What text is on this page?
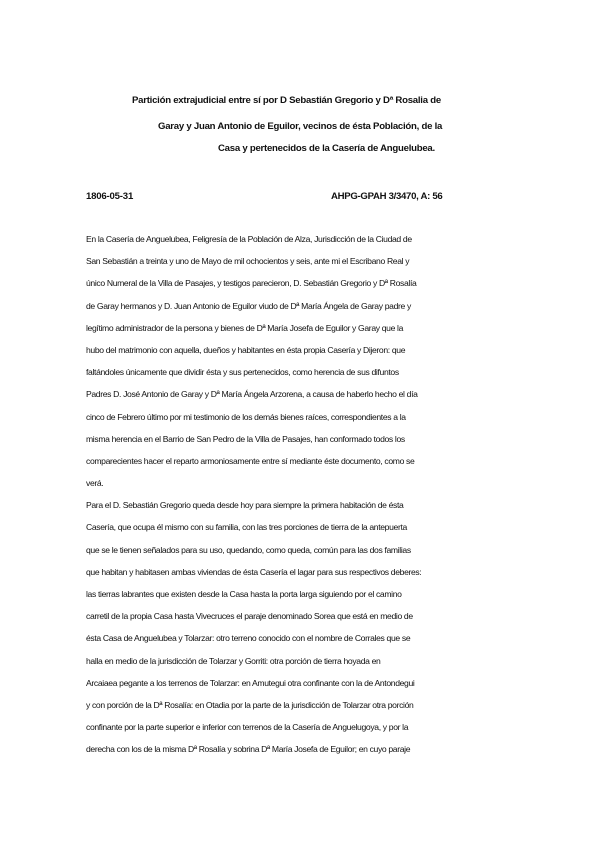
Partición extrajudicial entre sí por D Sebastián Gregorio y Dª Rosalia de
Garay y Juan Antonio de Eguilor, vecinos de ésta Población, de la
Casa y pertenecidos de la Casería de Anguelubea.
1806-05-31	AHPG-GPAH 3/3470, A: 56
En la Casería de Anguelubea, Feligresía de la Población de Alza, Jurisdicción de la Ciudad de
San Sebastián a treinta y uno de Mayo de mil ochocientos y seis, ante mi el Escribano Real y
único Numeral de la Villa de Pasajes, y testigos parecieron, D. Sebastián Gregorio y Dª Rosalía
de Garay hermanos y D. Juan Antonio de Eguilor viudo de Dª María Ángela de Garay padre y
legítimo administrador de la persona y bienes de Dª María Josefa de Eguilor y Garay que la
hubo del matrimonio con aquella, dueños y habitantes en ésta propia Casería y Dijeron: que
faltándoles únicamente que dividir ésta y sus pertenecidos, como herencia de sus difuntos
Padres D. José Antonio de Garay y Dª María Ángela Arzorena, a causa de haberlo hecho el día
cinco de Febrero último por mi testimonio de los demás bienes raíces, correspondientes a la
misma herencia en el Barrio de San Pedro de la Villa de Pasajes, han conformado todos los
comparecientes hacer el reparto armoniosamente entre sí mediante éste documento, como se
verá.
Para el D. Sebastián Gregorio queda desde hoy para siempre la primera habitación de ésta
Casería, que ocupa él mismo con su familia, con las tres porciones de tierra de la antepuerta
que se le tienen señalados para su uso, quedando, como queda, común para las dos familias
que habitan y habitasen ambas viviendas de ésta Casería el lagar para sus respectivos deberes:
las tierras labrantes que existen desde la Casa hasta la porta larga siguiendo por el camino
carretil de la propia Casa hasta Vivecruces el paraje denominado Sorea que está en medio de
ésta Casa de Anguelubea y Tolarzar: otro terreno conocido con el nombre de Corrales que se
halla en medio de la jurisdicción de Tolarzar y Gorriti: otra porción de tierra hoyada en
Arcaiaea pegante a los terrenos de Tolarzar: en Amutegui otra confinante con la de Antondegui
y con porción de la Dª Rosalía: en Otadia por la parte de la jurisdicción de Tolarzar otra porción
confinante por la parte superior e inferior con terrenos de la Casería de Anguelugoya, y por la
derecha con los de la misma Dª Rosalía y sobrina Dª María Josefa de Eguilor; en cuyo paraje
